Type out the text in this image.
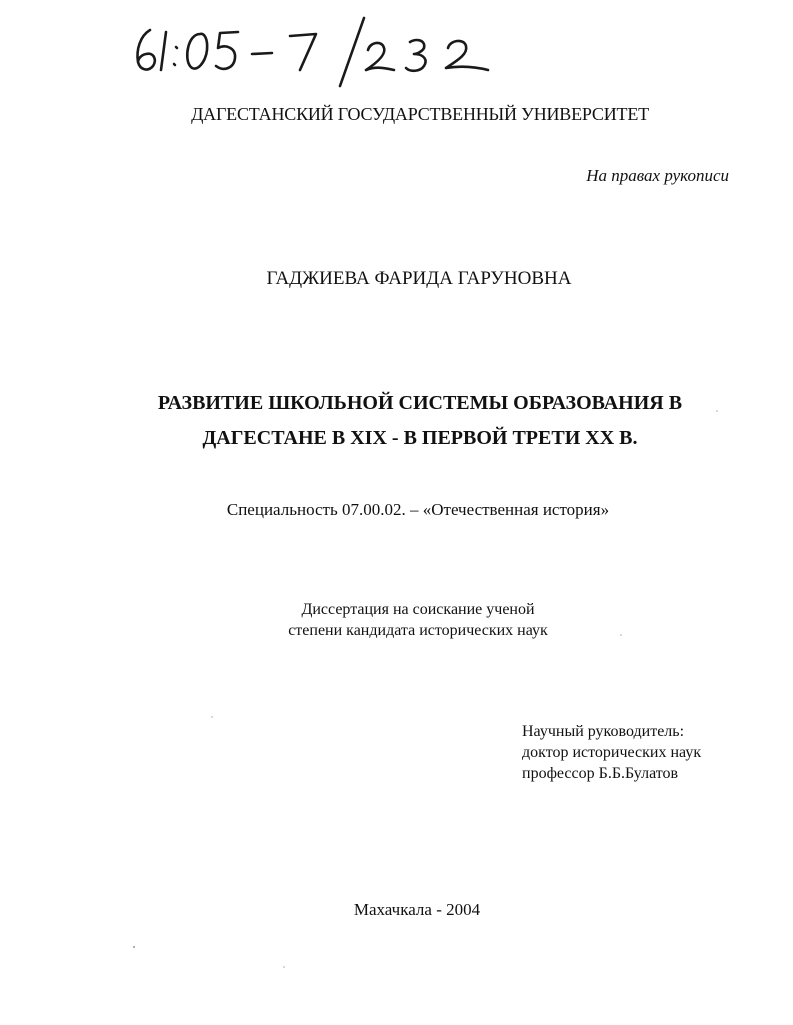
ДАГЕСТАНСКИЙ ГОСУДАРСТВЕННЫЙ УНИВЕРСИТЕТ
На правах рукописи
ГАДЖИЕВА ФАРИДА ГАРУНОВНА
РАЗВИТИЕ ШКОЛЬНОЙ СИСТЕМЫ ОБРАЗОВАНИЯ В
ДАГЕСТАНЕ В XIX - В ПЕРВОЙ ТРЕТИ XX В.
Специальность 07.00.02. – «Отечественная история»
Диссертация на соискание ученой
степени кандидата исторических наук
Научный руководитель:
доктор исторических наук
профессор Б.Б.Булатов
Махачкала - 2004
